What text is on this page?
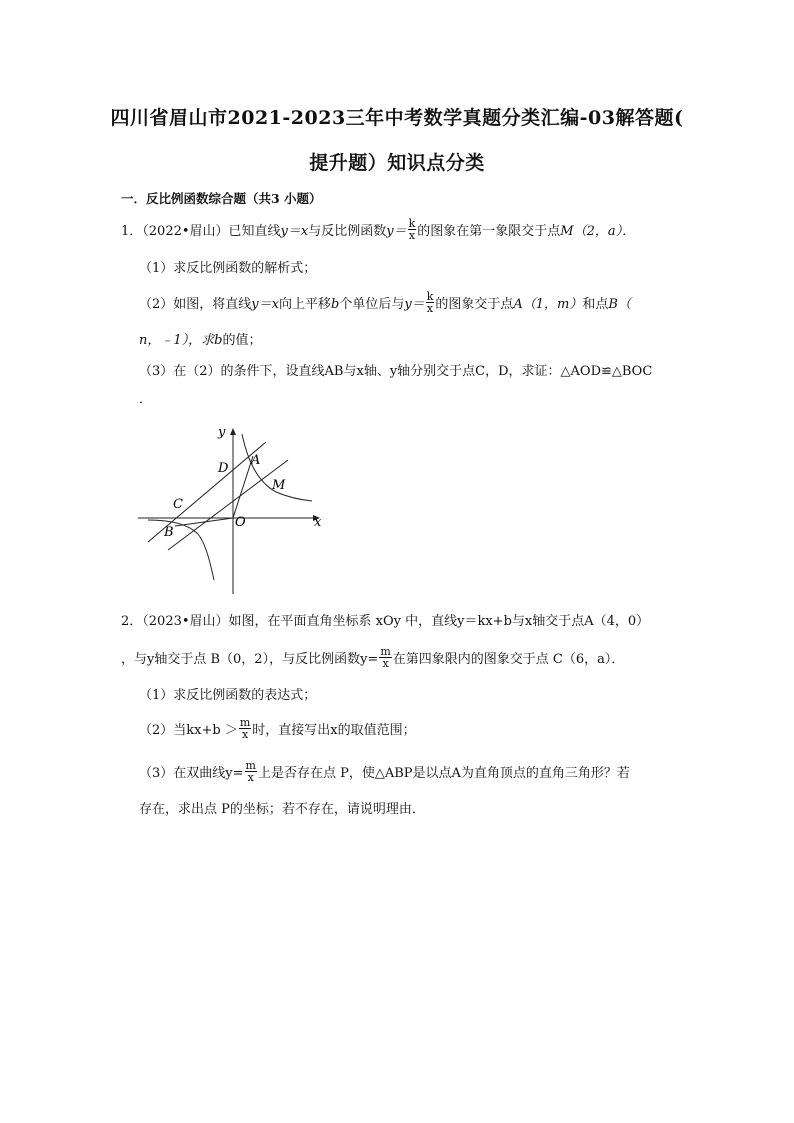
四川省眉山市2021-2023三年中考数学真题分类汇编-03解答题(
提升题）知识点分类
一．反比例函数综合题（共3 小题）
1．（2022•眉山）已知直线y＝x与反比例函数$y= \frac{k}{x}$ 的图象在第一象限交于点M（2，a）．
（1）求反比例函数的解析式；
（2）如图，将直线y＝x向上平移b个单位后与$y= \frac{k}{x}$ 的图象交于点A（1，m）和点B（
n，﹣1），求b的值；
（3）在（2）的条件下，设直线AB与x轴、y轴分别交于点C，D，求证：△AOD≌△BOC
．
y
x
O
A
B
C
D
M
2．（2023•眉山）如图，在平面直角坐标系 xOy 中，直线y＝kx+b与x轴交于点A（4，0）
，与y轴交于点 B（0，2），与反比例函数$y= \frac{m}{x}$ 在第四象限内的图象交于点 C（6，a）．
（1）求反比例函数的表达式；
（2）当$kx+b > \frac{m}{x}$ 时，直接写出x的取值范围；
（3）在双曲线$y= \frac{m}{x}$ 上是否存在点 P，使△ABP是以点A为直角顶点的直角三角形？若
存在，求出点 P的坐标；若不存在，请说明理由．
